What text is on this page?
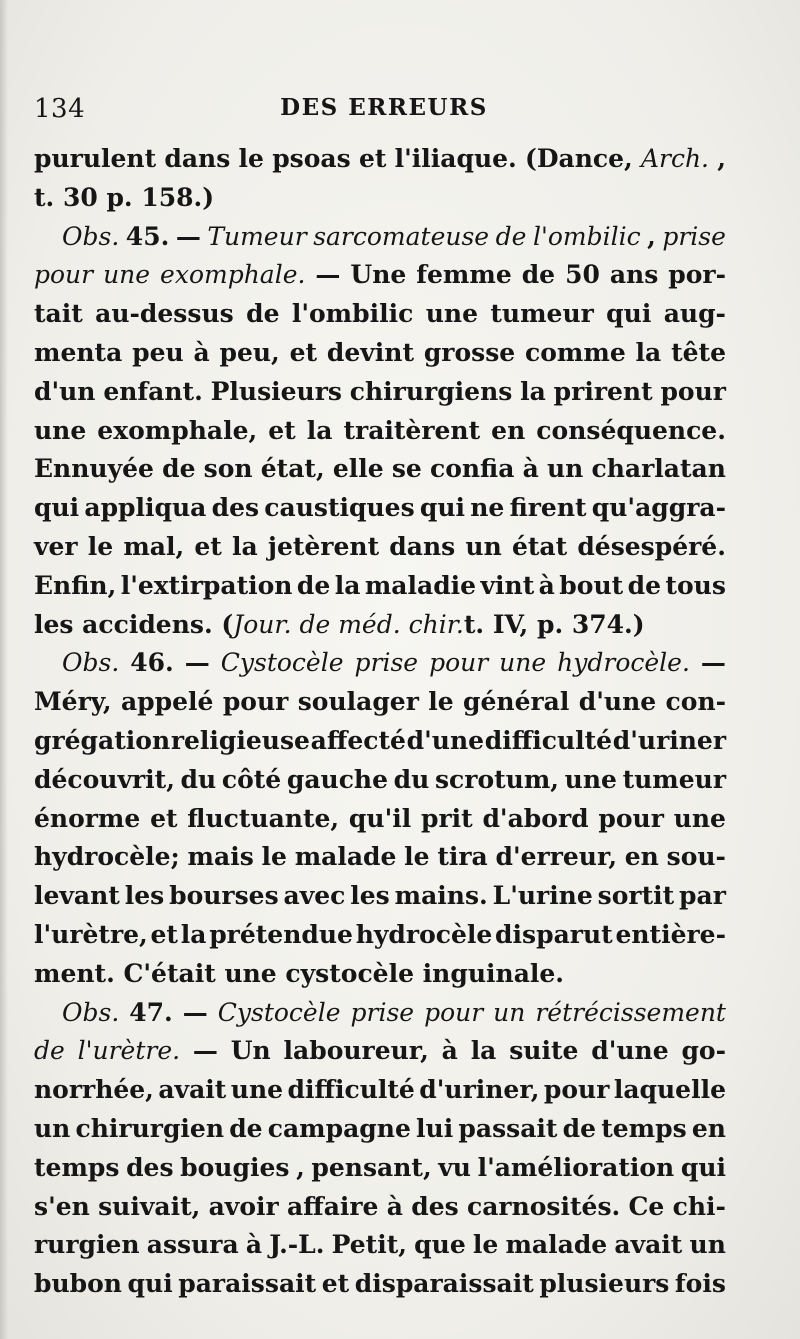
134	DES ERREURS
purulent dans le psoas et l'iliaque. (Dance, Arch. ,
t. 30 p. 158.)
Obs. 45. — Tumeur sarcomateuse de l'ombilic , prise
pour une exomphale. — Une femme de 50 ans por-
tait au-dessus de l'ombilic une tumeur qui aug-
menta peu à peu, et devint grosse comme la tête
d'un enfant. Plusieurs chirurgiens la prirent pour
une exomphale, et la traitèrent en conséquence.
Ennuyée de son état, elle se confia à un charlatan
qui appliqua des caustiques qui ne firent qu'aggra-
ver le mal, et la jetèrent dans un état désespéré.
Enfin, l'extirpation de la maladie vint à bout de tous
les accidens. ( Jour. de méd. chir. t. IV, p. 374.)
Obs. 46. — Cystocèle prise pour une hydrocèle. —
Méry, appelé pour soulager le général d'une con-
grégation religieuse affecté d'une difficulté d'uriner
découvrit, du côté gauche du scrotum, une tumeur
énorme et fluctuante, qu'il prit d'abord pour une
hydrocèle; mais le malade le tira d'erreur, en sou-
levant les bourses avec les mains. L'urine sortit par
l'urètre, et la prétendue hydrocèle disparut entière-
ment. C'était une cystocèle inguinale.
Obs. 47. — Cystocèle prise pour un rétrécissement
de l'urètre. — Un laboureur, à la suite d'une go-
norrhée, avait une difficulté d'uriner, pour laquelle
un chirurgien de campagne lui passait de temps en
temps des bougies , pensant, vu l'amélioration qui
s'en suivait, avoir affaire à des carnosités. Ce chi-
rurgien assura à J.-L. Petit, que le malade avait un
bubon qui paraissait et disparaissait plusieurs fois
